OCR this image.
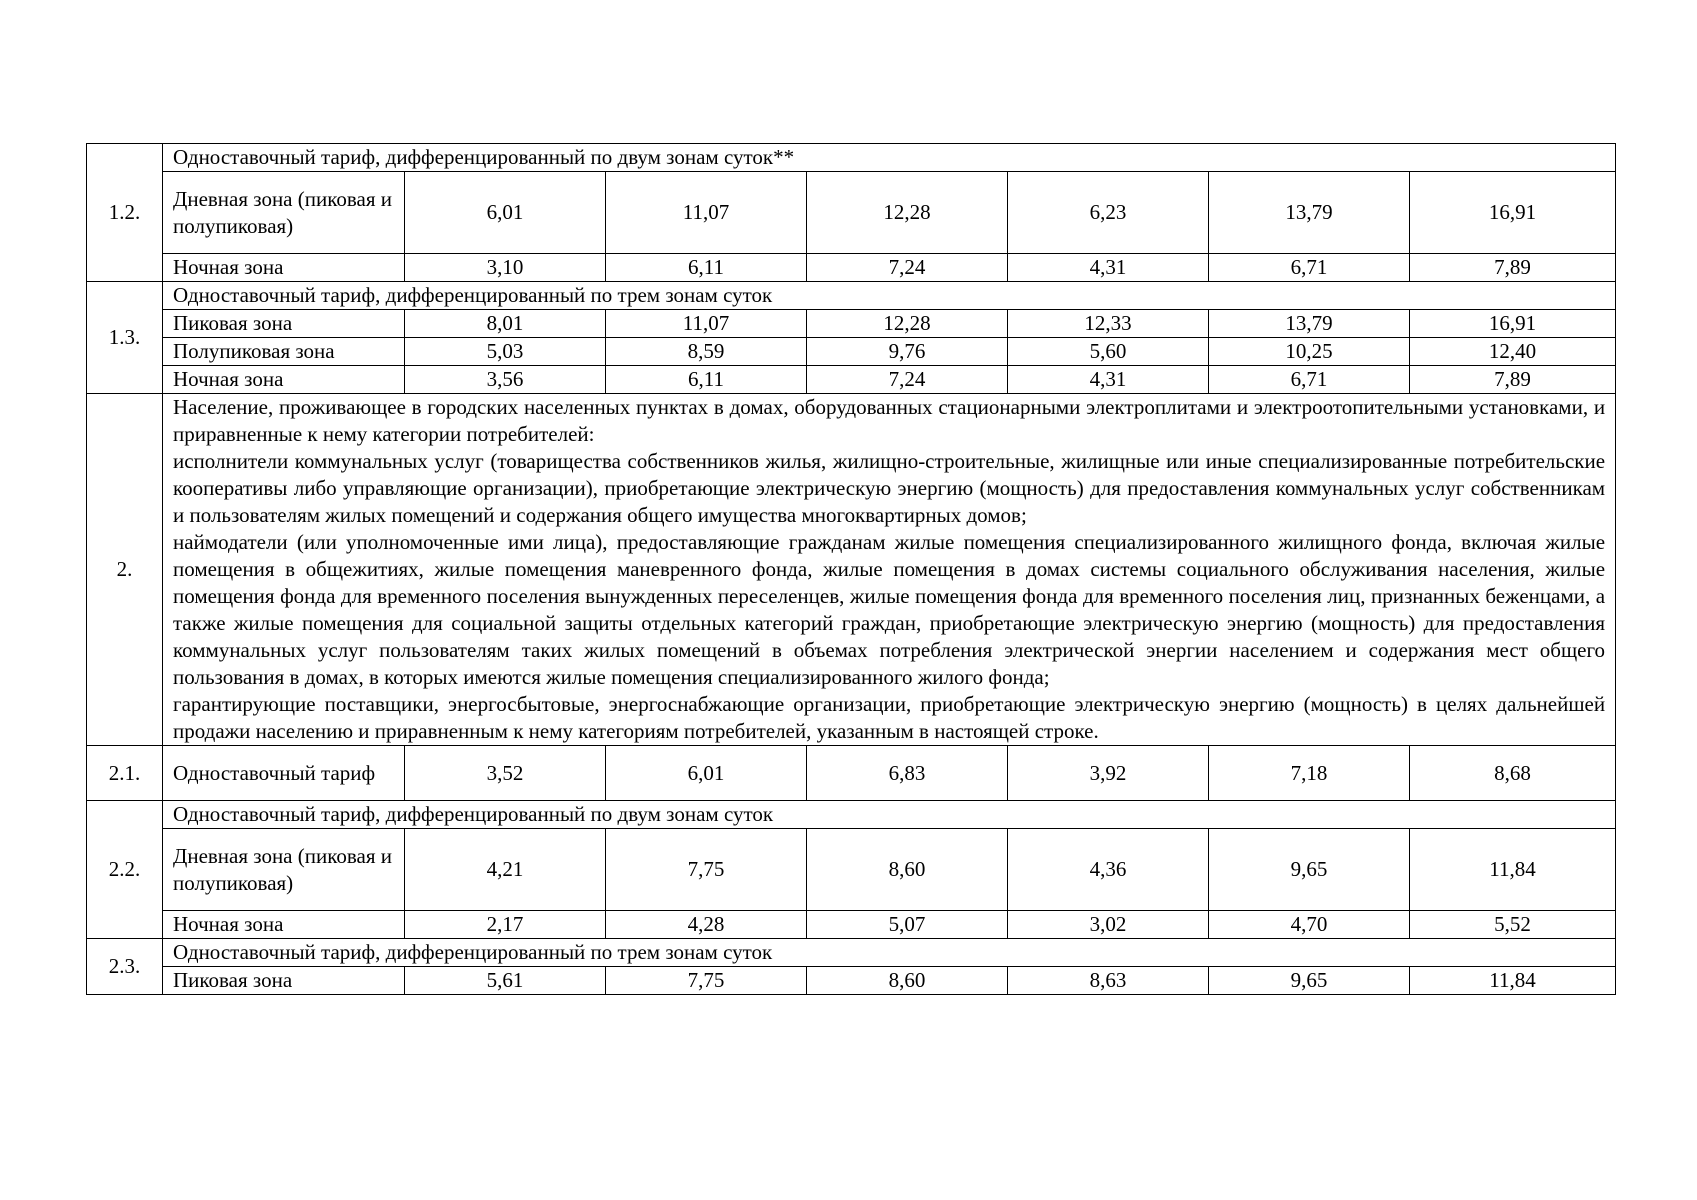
1.2.	Одноставочный тариф, дифференцированный по двум зонам суток**						
	Дневная зона (пиковая и полупиковая)	6,01	11,07	12,28	6,23	13,79	16,91
	Ночная зона	3,10	6,11	7,24	4,31	6,71	7,89
1.3.	Одноставочный тариф, дифференцированный по трем зонам суток						
	Пиковая зона	8,01	11,07	12,28	12,33	13,79	16,91
	Полупиковая зона	5,03	8,59	9,76	5,60	10,25	12,40
	Ночная зона	3,56	6,11	7,24	4,31	6,71	7,89
2.	Население, проживающее в городских населенных пунктах в домах, оборудованных стационарными электроплитами и электроотопительными установками, и приравненные к нему категории потребителей:

исполнители коммунальных услуг (товарищества собственников жилья, жилищно-строительные, жилищные или иные специализированные потребительские кооперативы либо управляющие организации), приобретающие электрическую энергию (мощность) для предоставления коммунальных услуг собственникам и пользователям жилых помещений и содержания общего имущества многоквартирных домов;

наймодатели (или уполномоченные ими лица), предоставляющие гражданам жилые помещения специализированного жилищного фонда, включая жилые помещения в общежитиях, жилые помещения маневренного фонда, жилые помещения в домах системы социального обслуживания населения, жилые помещения фонда для временного поселения вынужденных переселенцев, жилые помещения фонда для временного поселения лиц, признанных беженцами, а также жилые помещения для социальной защиты отдельных категорий граждан, приобретающие электрическую энергию (мощность) для предоставления коммунальных услуг пользователям таких жилых помещений в объемах потребления электрической энергии населением и содержания мест общего пользования в домах, в которых имеются жилые помещения специализированного жилого фонда;

гарантирующие поставщики, энергосбытовые, энергоснабжающие организации, приобретающие электрическую энергию (мощность) в целях дальнейшей продажи населению и приравненным к нему категориям потребителей, указанным в настоящей строке.						

2.1.	Одноставочный тариф	3,52	6,01	6,83	3,92	7,18	8,68
2.2.	Одноставочный тариф, дифференцированный по двум зонам суток						
	Дневная зона (пиковая и полупиковая)	4,21	7,75	8,60	4,36	9,65	11,84
	Ночная зона	2,17	4,28	5,07	3,02	4,70	5,52
2.3.	Одноставочный тариф, дифференцированный по трем зонам суток						
	Пиковая зона	5,61	7,75	8,60	8,63	9,65	11,84
